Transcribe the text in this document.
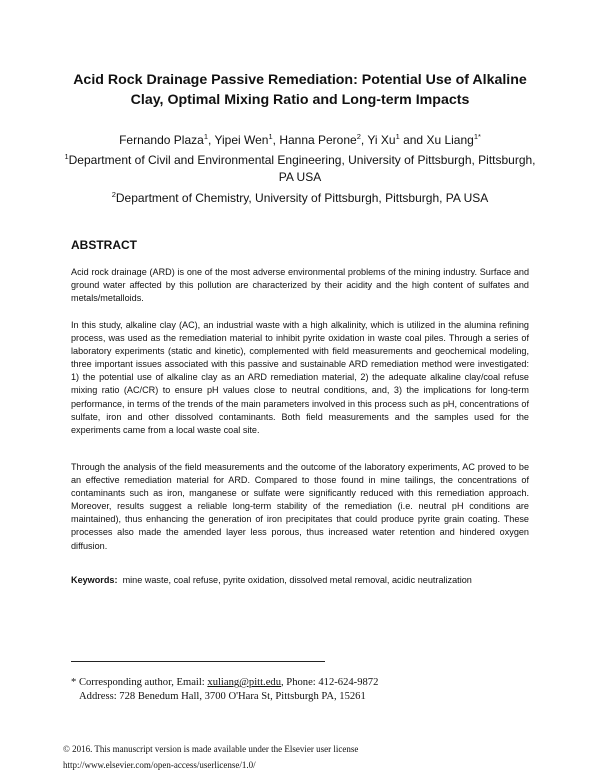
Acid Rock Drainage Passive Remediation: Potential Use of Alkaline Clay, Optimal Mixing Ratio and Long-term Impacts
Fernando Plaza$^1$, Yipei Wen$^1$, Hanna Perone$^2$, Yi Xu$^1$ and Xu Liang$^{1*}$
$^1$Department of Civil and Environmental Engineering, University of Pittsburgh, Pittsburgh, PA USA
$^2$Department of Chemistry, University of Pittsburgh, Pittsburgh, PA USA
ABSTRACT

Acid rock drainage (ARD) is one of the most adverse environmental problems of the mining industry. Surface and ground water affected by this pollution are characterized by their acidity and the high content of sulfates and metals/metalloids.

In this study, alkaline clay (AC), an industrial waste with a high alkalinity, which is utilized in the alumina refining process, was used as the remediation material to inhibit pyrite oxidation in waste coal piles. Through a series of laboratory experiments (static and kinetic), complemented with field measurements and geochemical modeling, three important issues associated with this passive and sustainable ARD remediation method were investigated: 1) the potential use of alkaline clay as an ARD remediation material, 2) the adequate alkaline clay/coal refuse mixing ratio (AC/CR) to ensure pH values close to neutral conditions, and, 3) the implications for long-term performance, in terms of the trends of the main parameters involved in this process such as pH, concentrations of sulfate, iron and other dissolved contaminants. Both field measurements and the samples used for the experiments came from a local waste coal site.

Through the analysis of the field measurements and the outcome of the laboratory experiments, AC proved to be an effective remediation material for ARD. Compared to those found in mine tailings, the concentrations of contaminants such as iron, manganese or sulfate were significantly reduced with this remediation approach. Moreover, results suggest a reliable long-term stability of the remediation (i.e. neutral pH conditions are maintained), thus enhancing the generation of iron precipitates that could produce pyrite grain coating. These processes also made the amended layer less porous, thus increased water retention and hindered oxygen diffusion.

Keywords: mine waste, coal refuse, pyrite oxidation, dissolved metal removal, acidic neutralization
* Corresponding author, Email: xuliang@pitt.edu, Phone: 412-624-9872
Address: 728 Benedum Hall, 3700 O'Hara St, Pittsburgh PA, 15261
© 2016. This manuscript version is made available under the Elsevier user license
http://www.elsevier.com/open-access/userlicense/1.0/
